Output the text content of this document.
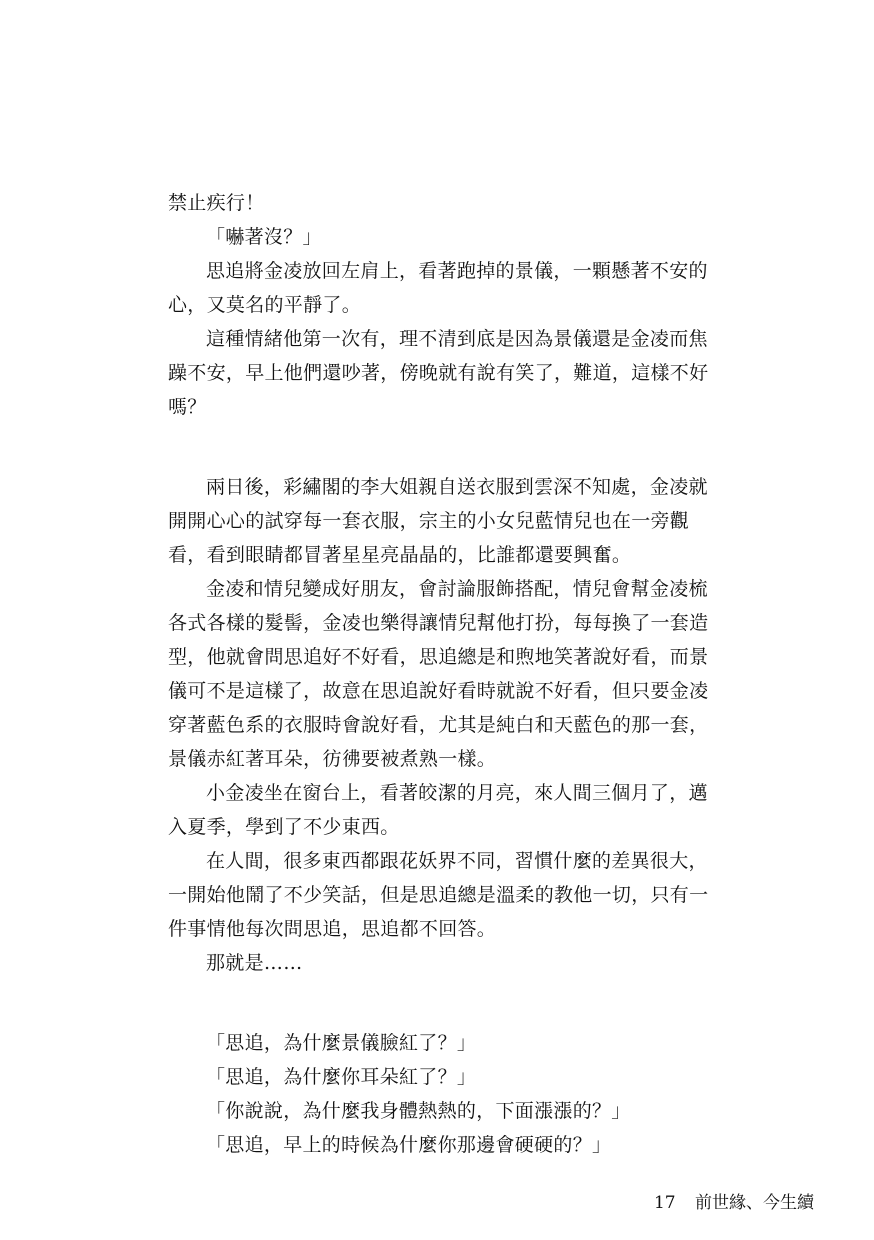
禁止疾行！
「嚇著沒？」
思追將金凌放回左肩上，看著跑掉的景儀，一顆懸著不安的
心，又莫名的平靜了。
這種情緒他第一次有，理不清到底是因為景儀還是金凌而焦
躁不安，早上他們還吵著，傍晚就有說有笑了，難道，這樣不好
嗎？
兩日後，彩繡閣的李大姐親自送衣服到雲深不知處，金凌就
開開心心的試穿每一套衣服，宗主的小女兒藍情兒也在一旁觀
看，看到眼睛都冒著星星亮晶晶的，比誰都還要興奮。
金凌和情兒變成好朋友，會討論服飾搭配，情兒會幫金凌梳
各式各樣的髮髻，金凌也樂得讓情兒幫他打扮，每每換了一套造
型，他就會問思追好不好看，思追總是和煦地笑著說好看，而景
儀可不是這樣了，故意在思追說好看時就說不好看，但只要金凌
穿著藍色系的衣服時會說好看，尤其是純白和天藍色的那一套，
景儀赤紅著耳朵，彷彿要被煮熟一樣。
小金凌坐在窗台上，看著皎潔的月亮，來人間三個月了，邁
入夏季，學到了不少東西。
在人間，很多東西都跟花妖界不同，習慣什麼的差異很大，
一開始他鬧了不少笑話，但是思追總是溫柔的教他一切，只有一
件事情他每次問思追，思追都不回答。
那就是……
「思追，為什麼景儀臉紅了？」
「思追，為什麼你耳朵紅了？」
「你說說，為什麼我身體熱熱的，下面漲漲的？」
「思追，早上的時候為什麼你那邊會硬硬的？」
17 前世緣、今生續
